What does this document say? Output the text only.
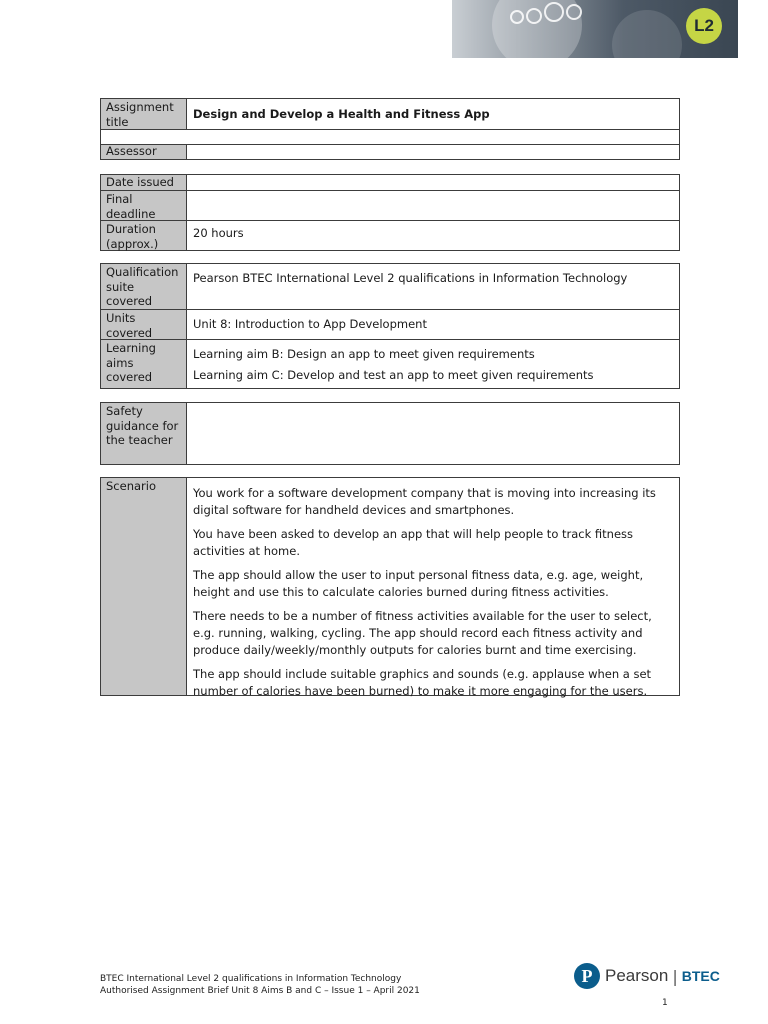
L2
Assignment title
Design and Develop a Health and Fitness App
Assessor
Date issued
Final deadline
Duration (approx.)
20 hours
Qualification suite covered
Pearson BTEC International Level 2 qualifications in Information Technology
Units covered
Unit 8: Introduction to App Development
Learning aims covered

Learning aim B: Design an app to meet given requirements

Learning aim C: Develop and test an app to meet given requirements

Safety guidance for the teacher
Scenario	You work for a software development company that is moving into increasing its digital software for handheld devices and smartphones.

You have been asked to develop an app that will help people to track fitness activities at home.

The app should allow the user to input personal fitness data, e.g. age, weight, height and use this to calculate calories burned during fitness activities.

There needs to be a number of fitness activities available for the user to select, e.g. running, walking, cycling. The app should record each fitness activity and produce daily/weekly/monthly outputs for calories burnt and time exercising.

The app should include suitable graphics and sounds (e.g. applause when a set number of calories have been burned) to make it more engaging for the users.

BTEC International Level 2 qualifications in Information Technology
Authorised Assignment Brief Unit 8 Aims B and C – Issue 1 – April 2021
P Pearson | BTEC
1
